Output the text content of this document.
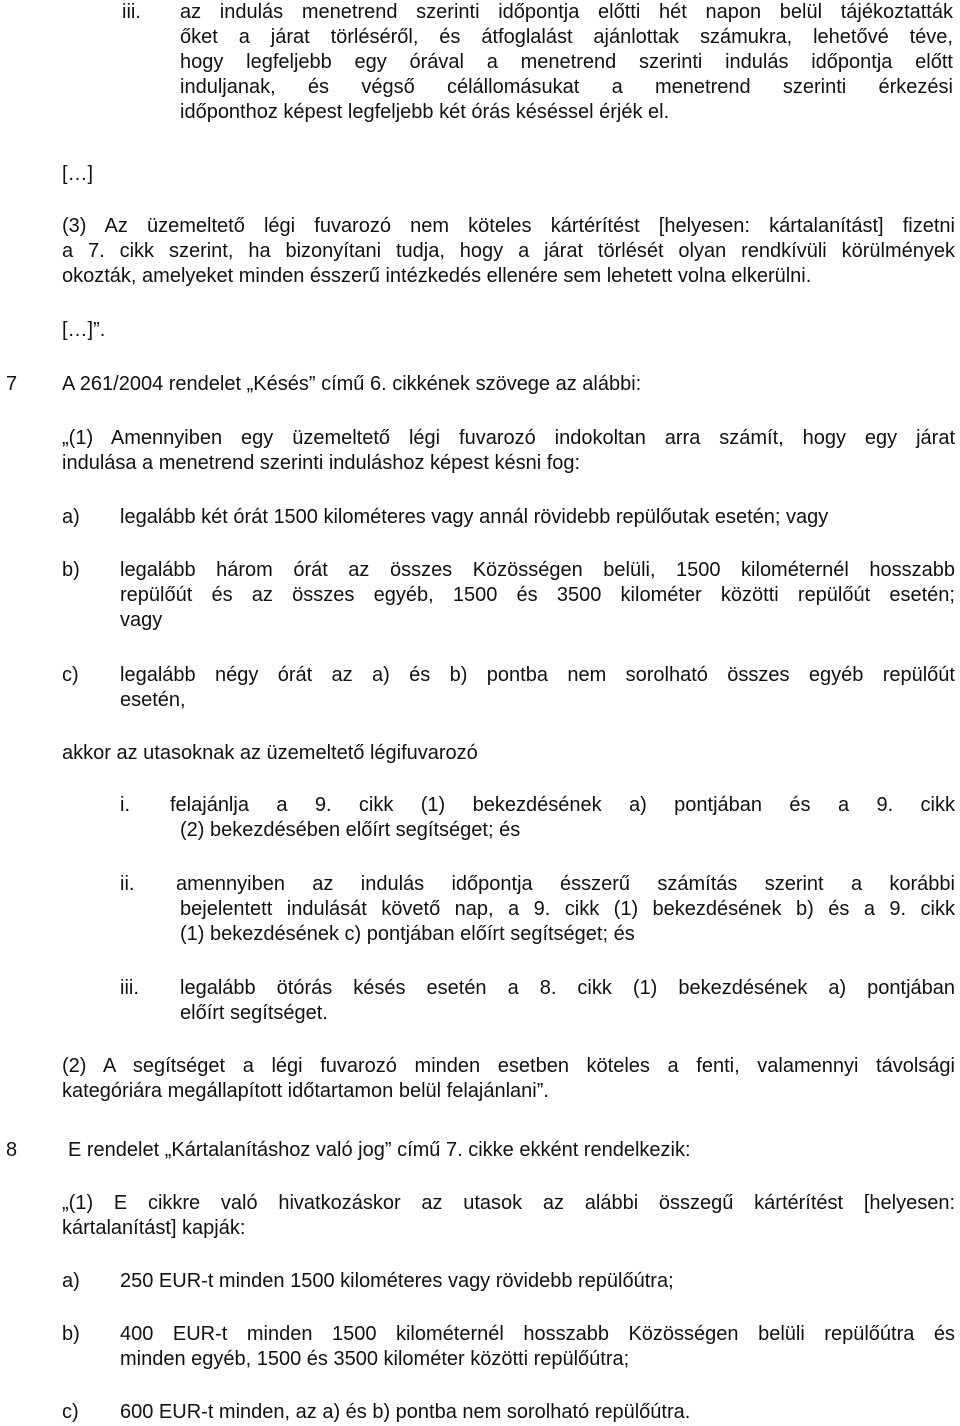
iii. az indulás menetrend szerinti időpontja előtti hét napon belül tájékoztatták
őket a járat törléséről, és átfoglalást ajánlottak számukra, lehetővé téve,
hogy legfeljebb egy órával a menetrend szerinti indulás időpontja előtt
induljanak, és végső célállomásukat a menetrend szerinti érkezési
időponthoz képest legfeljebb két órás késéssel érjék el.
[…]
(3) Az üzemeltető légi fuvarozó nem köteles kártérítést [helyesen: kártalanítást] fizetni
a 7. cikk szerint, ha bizonyítani tudja, hogy a járat törlését olyan rendkívüli körülmények
okozták, amelyeket minden ésszerű intézkedés ellenére sem lehetett volna elkerülni.
[…]”.
7 A 261/2004 rendelet „Késés” című 6. cikkének szövege az alábbi:
„(1) Amennyiben egy üzemeltető légi fuvarozó indokoltan arra számít, hogy egy járat
indulása a menetrend szerinti induláshoz képest késni fog:
a) legalább két órát 1500 kilométeres vagy annál rövidebb repülőutak esetén; vagy
b) legalább három órát az összes Közösségen belüli, 1500 kilométernél hosszabb
repülőút és az összes egyéb, 1500 és 3500 kilométer közötti repülőút esetén;
vagy
c) legalább négy órát az a) és b) pontba nem sorolható összes egyéb repülőút
esetén,
akkor az utasoknak az üzemeltető légifuvarozó
i. felajánlja a 9. cikk (1) bekezdésének a) pontjában és a 9. cikk
(2) bekezdésében előírt segítséget; és
ii. amennyiben az indulás időpontja ésszerű számítás szerint a korábbi
bejelentett indulását követő nap, a 9. cikk (1) bekezdésének b) és a 9. cikk
(1) bekezdésének c) pontjában előírt segítséget; és
iii. legalább ötórás késés esetén a 8. cikk (1) bekezdésének a) pontjában
előírt segítséget.
(2) A segítséget a légi fuvarozó minden esetben köteles a fenti, valamennyi távolsági
kategóriára megállapított időtartamon belül felajánlani”.
8	E rendelet „Kártalanításhoz való jog” című 7. cikke ekként rendelkezik:
„(1) E cikkre való hivatkozáskor az utasok az alábbi összegű kártérítést [helyesen:
kártalanítást] kapják:
a) 250 EUR-t minden 1500 kilométeres vagy rövidebb repülőútra;
b) 400 EUR-t minden 1500 kilométernél hosszabb Közösségen belüli repülőútra és
minden egyéb, 1500 és 3500 kilométer közötti repülőútra;
c) 600 EUR-t minden, az a) és b) pontba nem sorolható repülőútra.
